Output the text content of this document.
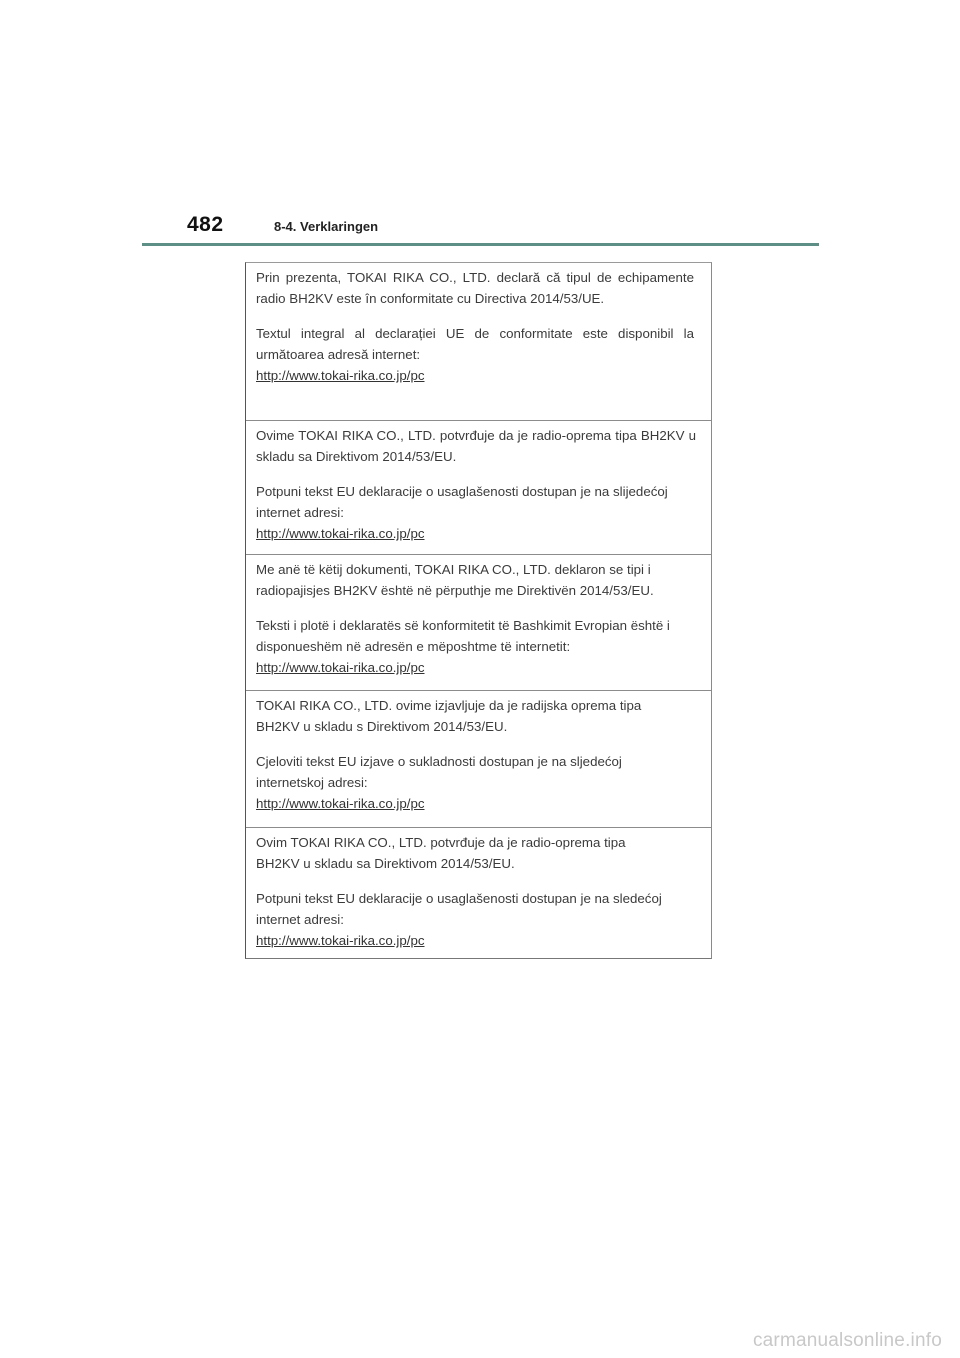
482	8-4. Verklaringen

Prin prezenta, TOKAI RIKA CO., LTD. declară că tipul de echipamente radio BH2KV este în conformitate cu Directiva 2014/53/UE.

Textul integral al declarației UE de conformitate este disponibil la următoarea adresă internet:

http://www.tokai-rika.co.jp/pc

Ovime TOKAI RIKA CO., LTD. potvrđuje da je radio-oprema tipa BH2KV u skladu sa Direktivom 2014/53/EU.

Potpuni tekst EU deklaracije o usaglašenosti dostupan je na slijedećoj internet adresi:

http://www.tokai-rika.co.jp/pc

Me anë të këtij dokumenti, TOKAI RIKA CO., LTD. deklaron se tipi i radiopajisjes BH2KV është në përputhje me Direktivën 2014/53/EU.

Teksti i plotë i deklaratës së konformitetit të Bashkimit Evropian është i disponueshëm në adresën e mëposhtme të internetit:

http://www.tokai-rika.co.jp/pc

TOKAI RIKA CO., LTD. ovime izjavljuje da je radijska oprema tipa BH2KV u skladu s Direktivom 2014/53/EU.

Cjeloviti tekst EU izjave o sukladnosti dostupan je na sljedećoj internetskoj adresi:

http://www.tokai-rika.co.jp/pc

Ovim TOKAI RIKA CO., LTD. potvrđuje da je radio-oprema tipa BH2KV u skladu sa Direktivom 2014/53/EU.

Potpuni tekst EU deklaracije o usaglašenosti dostupan je na sledećoj internet adresi:

http://www.tokai-rika.co.jp/pc
carmanualsonline.info
